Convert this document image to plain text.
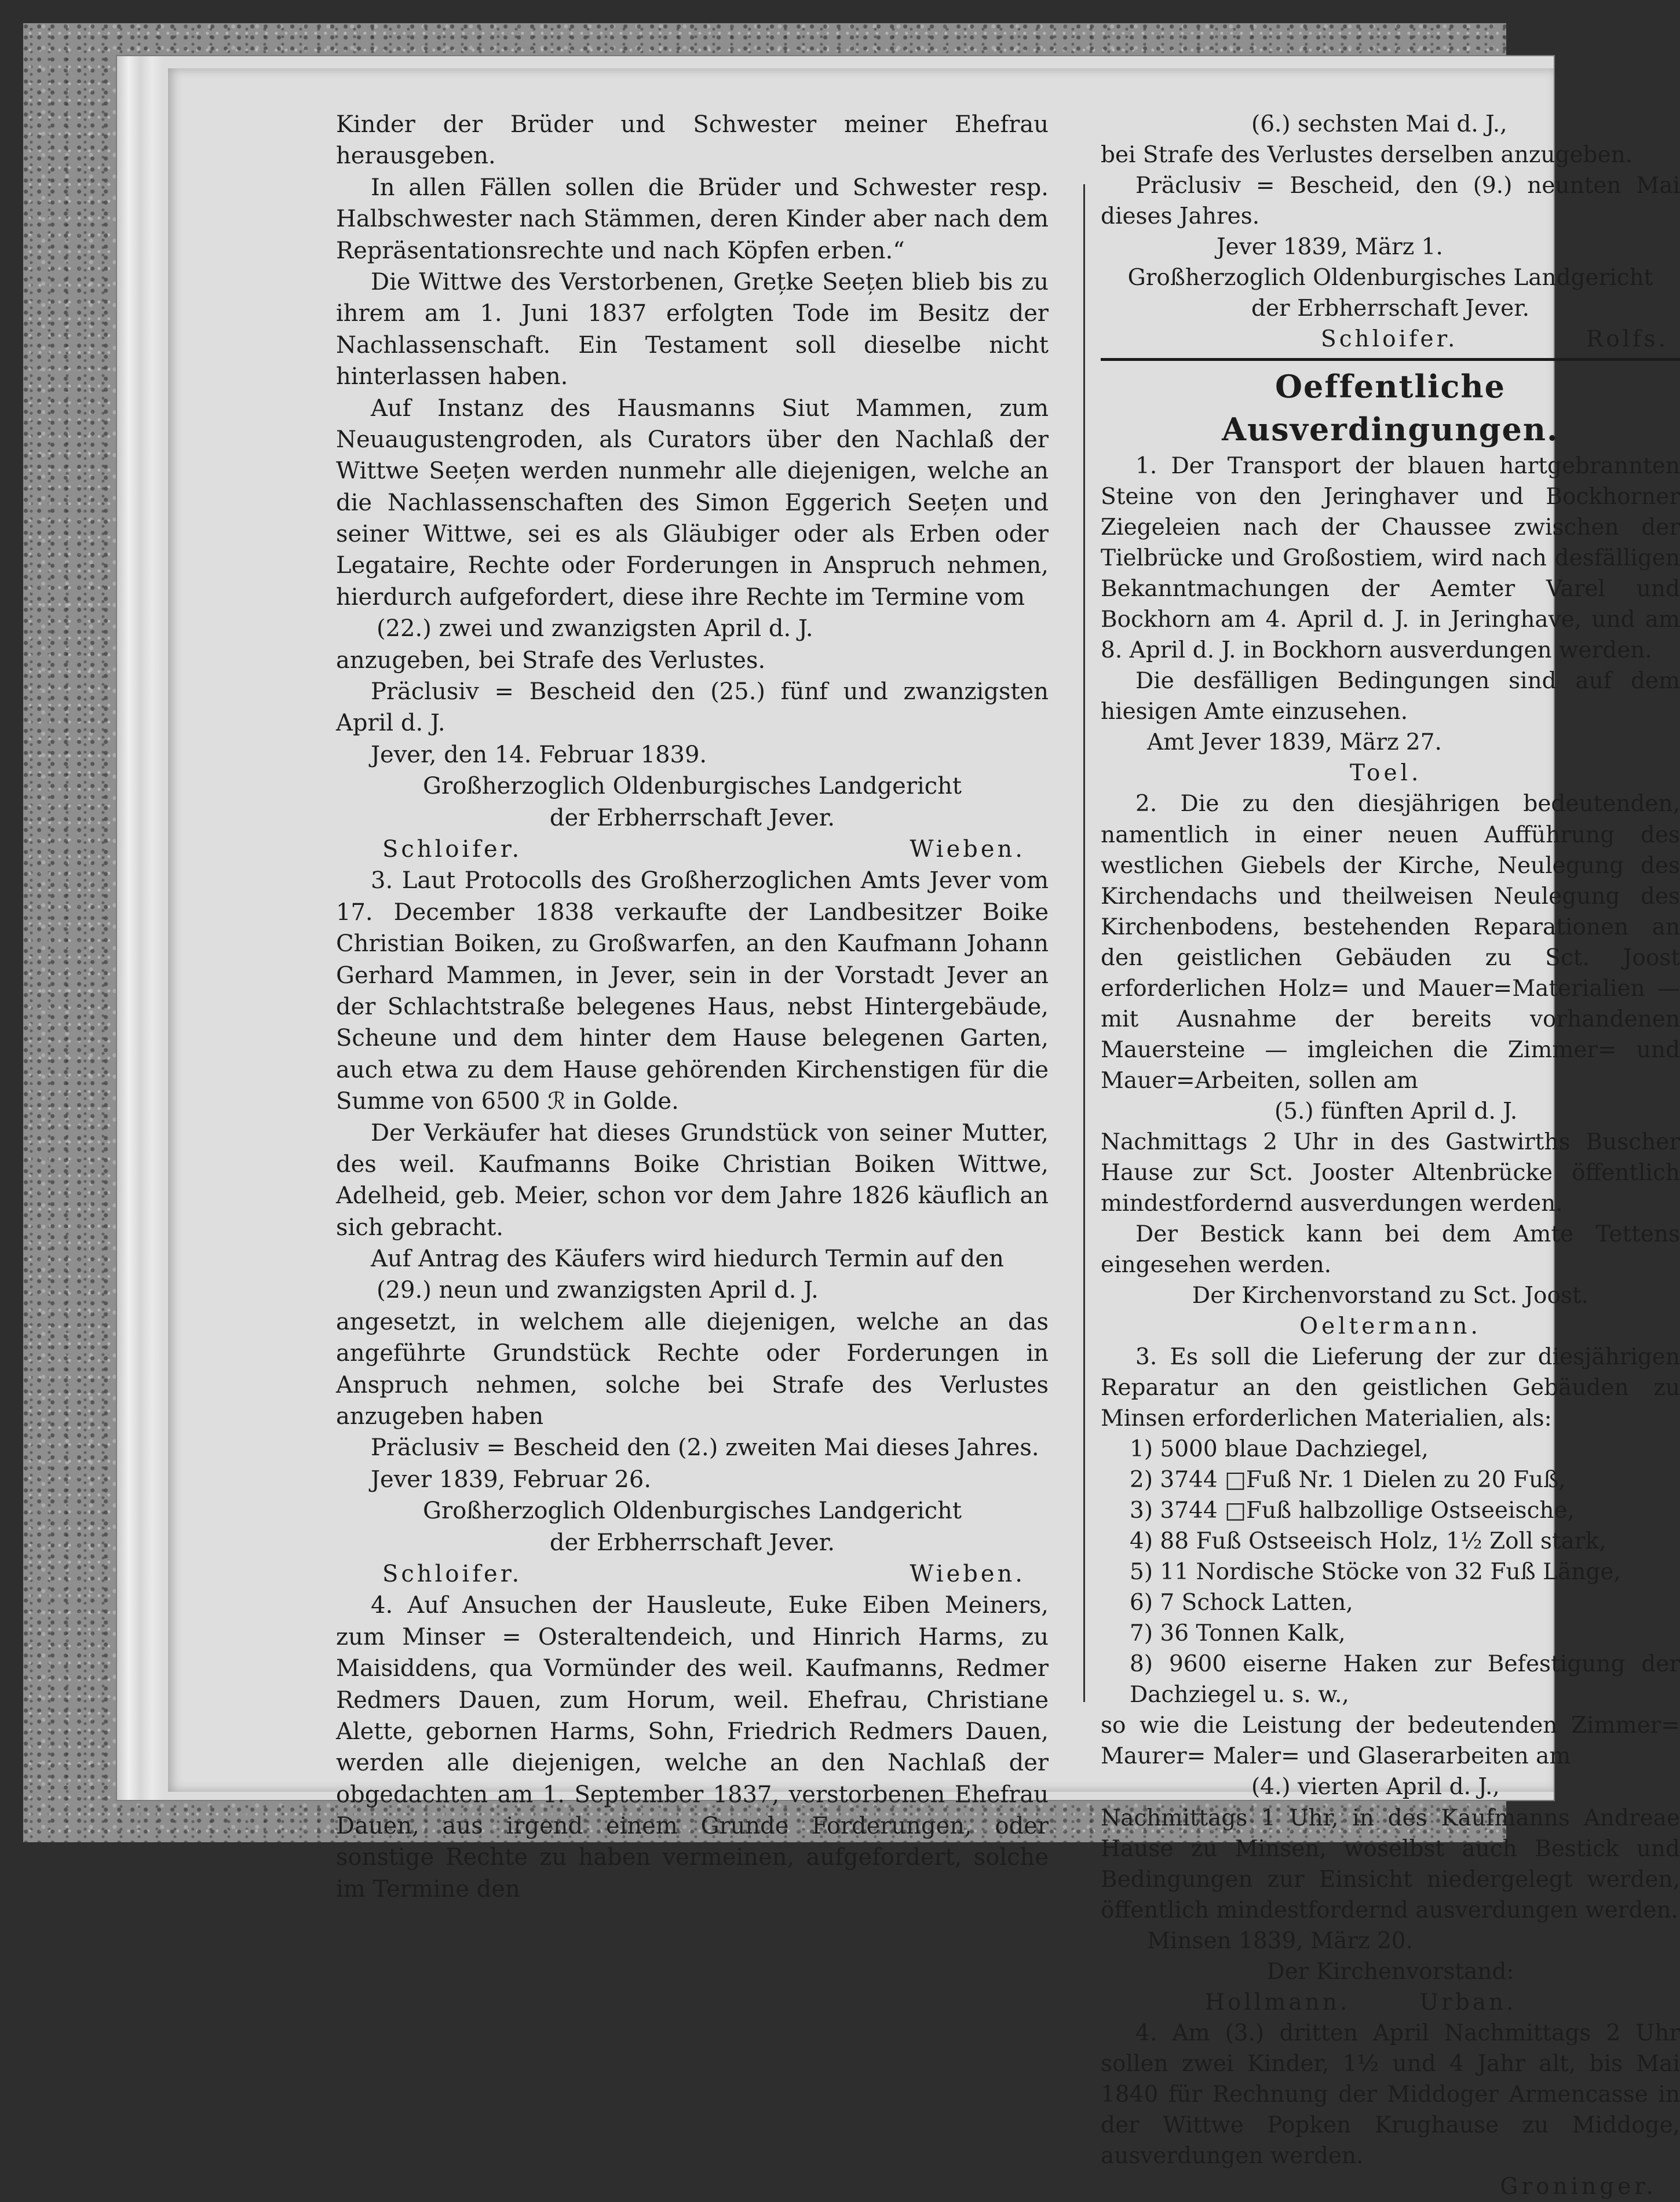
Kinder der Brüder und Schwester meiner Ehefrau herausgeben.

In allen Fällen sollen die Brüder und Schwester resp. Halbschwester nach Stämmen, deren Kinder aber nach dem Repräsentationsrechte und nach Köpfen erben.“

Die Wittwe des Verstorbenen, Grețke Seețen blieb bis zu ihrem am 1. Juni 1837 erfolgten Tode im Besitz der Nachlassenschaft. Ein Testament soll dieselbe nicht hinterlassen haben.

Auf Instanz des Hausmanns Siut Mammen, zum Neuaugustengroden, als Curators über den Nachlaß der Wittwe Seețen werden nunmehr alle diejenigen, welche an die Nachlassenschaften des Simon Eggerich Seețen und seiner Wittwe, sei es als Gläubiger oder als Erben oder Legataire, Rechte oder Forderungen in Anspruch nehmen, hierdurch aufgefordert, diese ihre Rechte im Termine vom

(22.) zwei und zwanzigsten April d. J.

anzugeben, bei Strafe des Verlustes.

Präclusiv = Bescheid den (25.) fünf und zwanzigsten April d. J.

Jever, den 14. Februar 1839.

Großherzoglich Oldenburgisches Landgericht

der Erbherrschaft Jever.

Schloifer.	Wieben.

3. Laut Protocolls des Großherzoglichen Amts Jever vom 17. December 1838 verkaufte der Landbesitzer Boike Christian Boiken, zu Großwarfen, an den Kaufmann Johann Gerhard Mammen, in Jever, sein in der Vorstadt Jever an der Schlachtstraße belegenes Haus, nebst Hintergebäude, Scheune und dem hinter dem Hause belegenen Garten, auch etwa zu dem Hause gehörenden Kirchenstigen für die Summe von 6500 ℛ in Golde.

Der Verkäufer hat dieses Grundstück von seiner Mutter, des weil. Kaufmanns Boike Christian Boiken Wittwe, Adelheid, geb. Meier, schon vor dem Jahre 1826 käuflich an sich gebracht.

Auf Antrag des Käufers wird hiedurch Termin auf den

(29.) neun und zwanzigsten April d. J.

angesetzt, in welchem alle diejenigen, welche an das angeführte Grundstück Rechte oder Forderungen in Anspruch nehmen, solche bei Strafe des Verlustes anzugeben haben

Präclusiv = Bescheid den (2.) zweiten Mai dieses Jahres.

Jever 1839, Februar 26.

Großherzoglich Oldenburgisches Landgericht

der Erbherrschaft Jever.

Schloifer.	Wieben.

4. Auf Ansuchen der Hausleute, Euke Eiben Meiners, zum Minser = Osteraltendeich, und Hinrich Harms, zu Maisiddens, qua Vormünder des weil. Kaufmanns, Redmer Redmers Dauen, zum Horum, weil. Ehefrau, Christiane Alette, gebornen Harms, Sohn, Friedrich Redmers Dauen, werden alle diejenigen, welche an den Nachlaß der obgedachten am 1. September 1837, verstorbenen Ehefrau Dauen, aus irgend einem Grunde Forderungen, oder sonstige Rechte zu haben vermeinen, aufgefordert, solche im Termine den

(6.) sechsten Mai d. J.,

bei Strafe des Verlustes derselben anzugeben.

Präclusiv = Bescheid, den (9.) neunten Mai dieses Jahres.

Jever 1839, März 1.

Großherzoglich Oldenburgisches Landgericht

der Erbherrschaft Jever.

Schloifer.	Rolfs.

Oeffentliche Ausverdingungen.

1. Der Transport der blauen hartgebrannten Steine von den Jeringhaver und Bockhorner Ziegeleien nach der Chaussee zwischen der Tielbrücke und Großostiem, wird nach desfälligen Bekanntmachungen der Aemter Varel und Bockhorn am 4. April d. J. in Jeringhave, und am 8. April d. J. in Bockhorn ausverdungen werden.

Die desfälligen Bedingungen sind auf dem hiesigen Amte einzusehen.

Amt Jever 1839, März 27.

Toel.

2. Die zu den diesjährigen bedeutenden, namentlich in einer neuen Aufführung des westlichen Giebels der Kirche, Neulegung des Kirchendachs und theilweisen Neulegung des Kirchenbodens, bestehenden Reparationen an den geistlichen Gebäuden zu Sct. Joost erforderlichen Holz= und Mauer=Materialien — mit Ausnahme der bereits vorhandenen Mauersteine — imgleichen die Zimmer= und Mauer=Arbeiten, sollen am

(5.) fünften April d. J.

Nachmittags 2 Uhr in des Gastwirths Buscher Hause zur Sct. Jooster Altenbrücke öffentlich mindestfordernd ausverdungen werden.

Der Bestick kann bei dem Amte Tettens eingesehen werden.

Der Kirchenvorstand zu Sct. Joost.

Oeltermann.

3. Es soll die Lieferung der zur diesjährigen Reparatur an den geistlichen Gebäuden zu Minsen erforderlichen Materialien, als:

1) 5000 blaue Dachziegel,

2) 3744 □Fuß Nr. 1 Dielen zu 20 Fuß,

3) 3744 □Fuß halbzollige Ostseeische,

4) 88 Fuß Ostseeisch Holz, 1½ Zoll stark,

5) 11 Nordische Stöcke von 32 Fuß Länge,

6) 7 Schock Latten,

7) 36 Tonnen Kalk,

8) 9600 eiserne Haken zur Befestigung der Dachziegel u. s. w.,

so wie die Leistung der bedeutenden Zimmer= Maurer= Maler= und Glaserarbeiten am

(4.) vierten April d. J.,

Nachmittags 1 Uhr, in des Kaufmanns Andreae Hause zu Minsen, woselbst auch Bestick und Bedingungen zur Einsicht niedergelegt werden, öffentlich mindestfordernd ausverdungen werden.

Minsen 1839, März 20.

Der Kirchenvorstand:

Hollmann.	Urban.

4. Am (3.) dritten April Nachmittags 2 Uhr sollen zwei Kinder, 1½ und 4 Jahr alt, bis Mai 1840 für Rechnung der Middoger Armencasse in der Wittwe Popken Krughause zu Middoge, ausverdungen werden.

Groninger.
